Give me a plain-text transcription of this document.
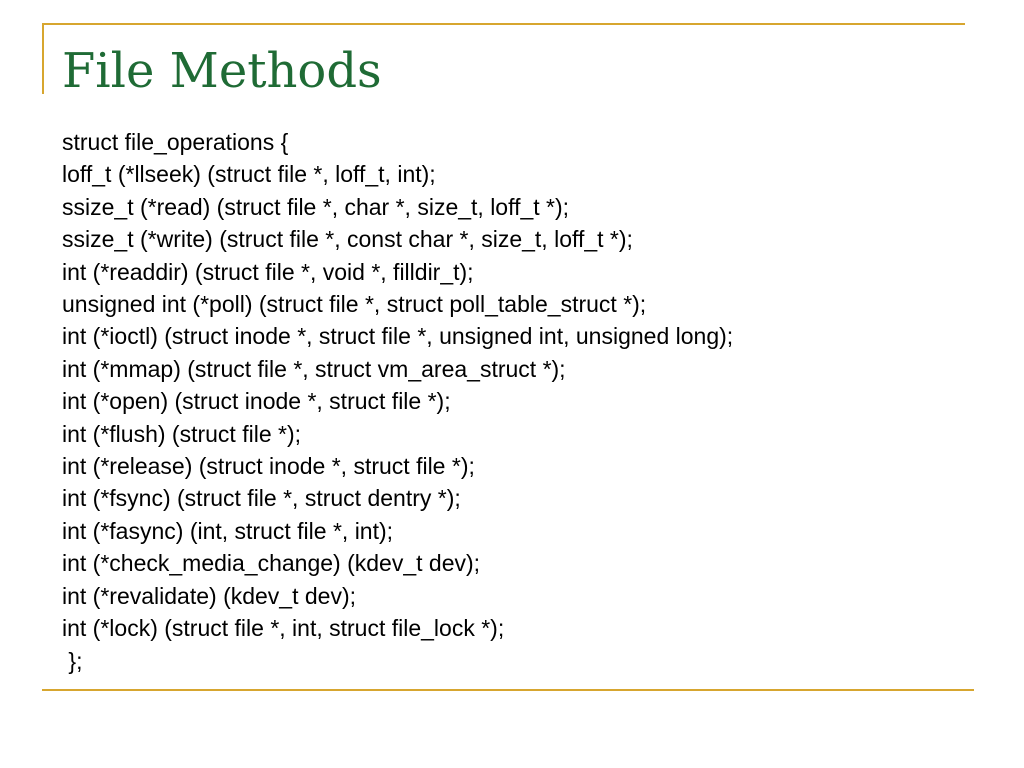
File Methods
struct file_operations {
loff_t (*llseek) (struct file *, loff_t, int);
ssize_t (*read) (struct file *, char *, size_t, loff_t *);
ssize_t (*write) (struct file *, const char *, size_t, loff_t *);
int (*readdir) (struct file *, void *, filldir_t);
unsigned int (*poll) (struct file *, struct poll_table_struct *);
int (*ioctl) (struct inode *, struct file *, unsigned int, unsigned long);
int (*mmap) (struct file *, struct vm_area_struct *);
int (*open) (struct inode *, struct file *);
int (*flush) (struct file *);
int (*release) (struct inode *, struct file *);
int (*fsync) (struct file *, struct dentry *);
int (*fasync) (int, struct file *, int);
int (*check_media_change) (kdev_t dev);
int (*revalidate) (kdev_t dev);
int (*lock) (struct file *, int, struct file_lock *);
};
